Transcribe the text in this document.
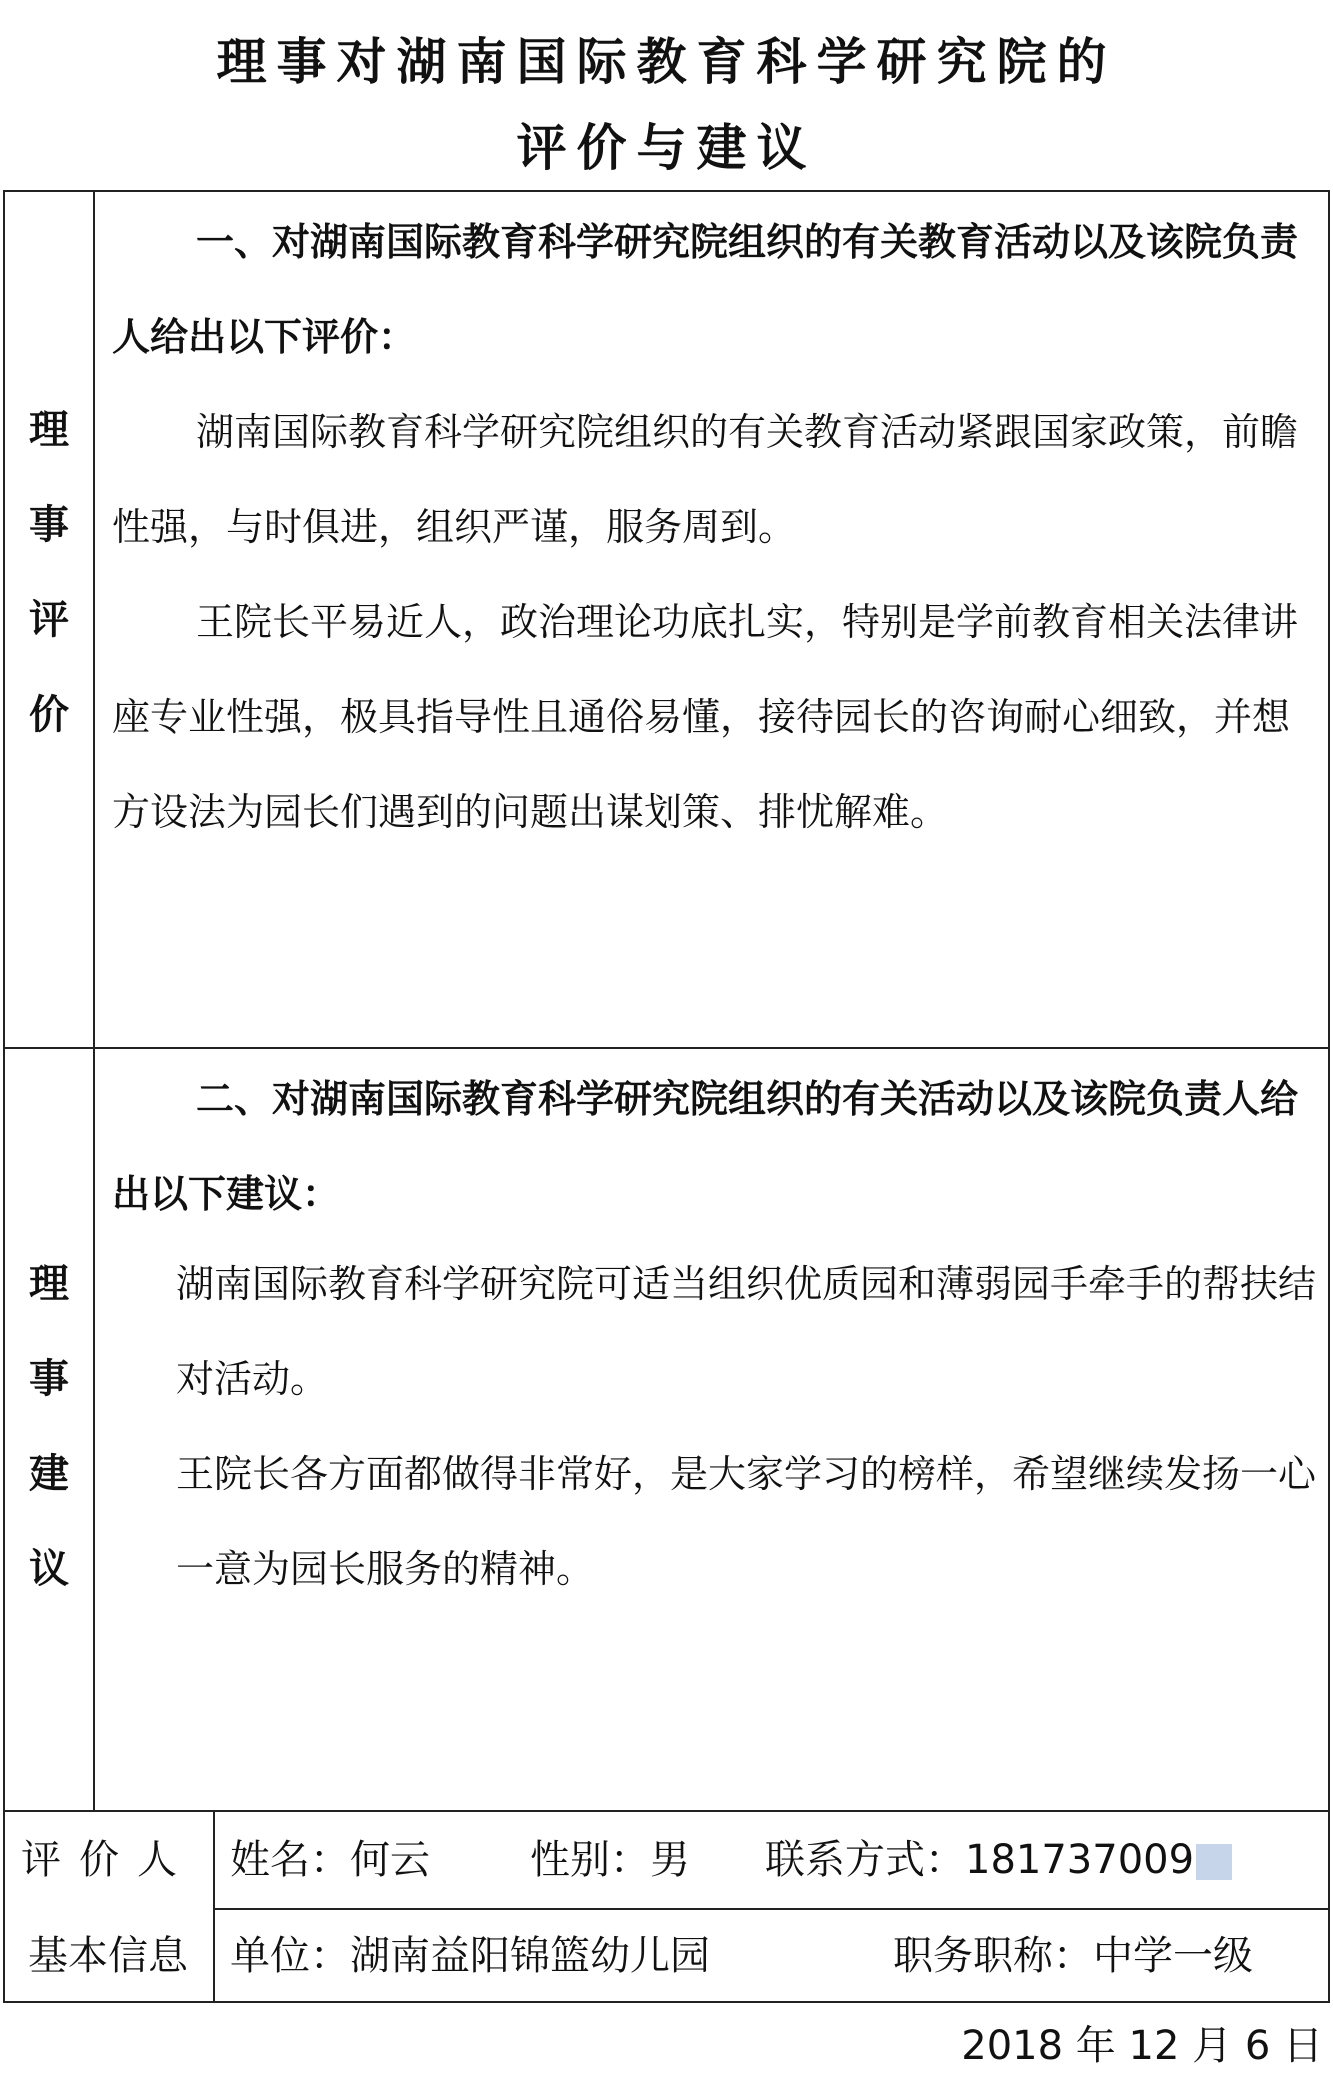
理事对湖南国际教育科学研究院的
评价与建议
理
事
评
价

一、对湖南国际教育科学研究院组织的有关教育活动以及该院负责人给出以下评价：

湖南国际教育科学研究院组织的有关教育活动紧跟国家政策，前瞻性强，与时俱进，组织严谨，服务周到。

王院长平易近人，政治理论功底扎实，特别是学前教育相关法律讲座专业性强，极具指导性且通俗易懂，接待园长的咨询耐心细致，并想方设法为园长们遇到的问题出谋划策、排忧解难。

理
事
建
议

二、对湖南国际教育科学研究院组织的有关活动以及该院负责人给出以下建议：

湖南国际教育科学研究院可适当组织优质园和薄弱园手牵手的帮扶结对活动。

王院长各方面都做得非常好，是大家学习的榜样，希望继续发扬一心一意为园长服务的精神。

评价人
基本信息
姓名：何云	性别：男 联系方式：181737009
单位：湖南益阳锦篮幼儿园	职务职称：中学一级
2018 年 12 月 6 日
